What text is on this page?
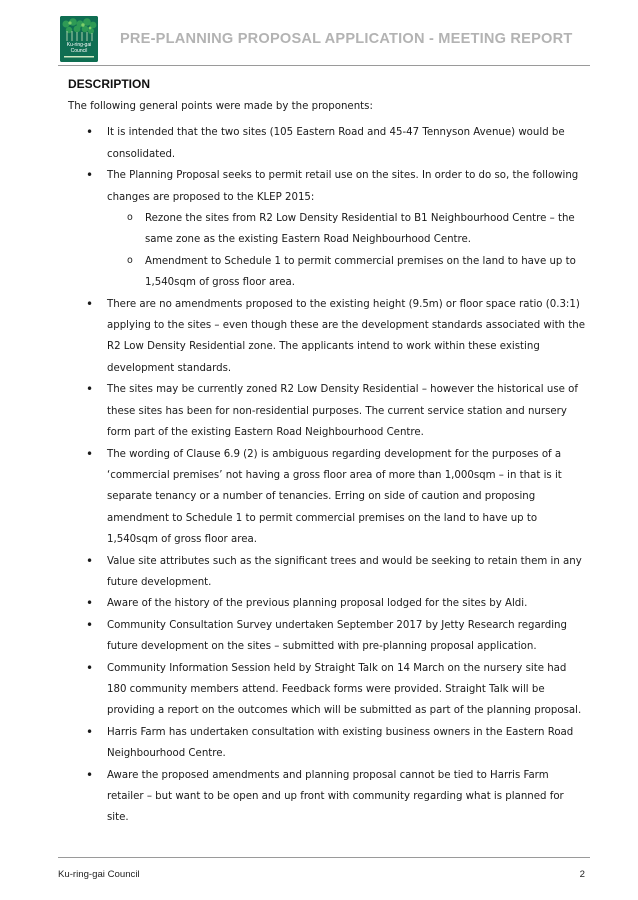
Ku-ring-gai
Council
PRE-PLANNING PROPOSAL APPLICATION - MEETING REPORT
DESCRIPTION
The following general points were made by the proponents:
• It is intended that the two sites (105 Eastern Road and 45-47 Tennyson Avenue) would be consolidated.
• The Planning Proposal seeks to permit retail use on the sites. In order to do so, the following changes are proposed to the KLEP 2015:
o Rezone the sites from R2 Low Density Residential to B1 Neighbourhood Centre – the same zone as the existing Eastern Road Neighbourhood Centre.
o Amendment to Schedule 1 to permit commercial premises on the land to have up to 1,540sqm of gross floor area.
• There are no amendments proposed to the existing height (9.5m) or floor space ratio (0.3:1) applying to the sites – even though these are the development standards associated with the R2 Low Density Residential zone. The applicants intend to work within these existing development standards.
• The sites may be currently zoned R2 Low Density Residential – however the historical use of these sites has been for non-residential purposes. The current service station and nursery form part of the existing Eastern Road Neighbourhood Centre.
• The wording of Clause 6.9 (2) is ambiguous regarding development for the purposes of a ‘commercial premises’ not having a gross floor area of more than 1,000sqm – in that is it separate tenancy or a number of tenancies. Erring on side of caution and proposing amendment to Schedule 1 to permit commercial premises on the land to have up to 1,540sqm of gross floor area.
• Value site attributes such as the significant trees and would be seeking to retain them in any future development.
• Aware of the history of the previous planning proposal lodged for the sites by Aldi.
• Community Consultation Survey undertaken September 2017 by Jetty Research regarding future development on the sites – submitted with pre-planning proposal application.
• Community Information Session held by Straight Talk on 14 March on the nursery site had 180 community members attend. Feedback forms were provided. Straight Talk will be providing a report on the outcomes which will be submitted as part of the planning proposal.
• Harris Farm has undertaken consultation with existing business owners in the Eastern Road Neighbourhood Centre.
• Aware the proposed amendments and planning proposal cannot be tied to Harris Farm retailer – but want to be open and up front with community regarding what is planned for site.
Ku-ring-gai Council	2
